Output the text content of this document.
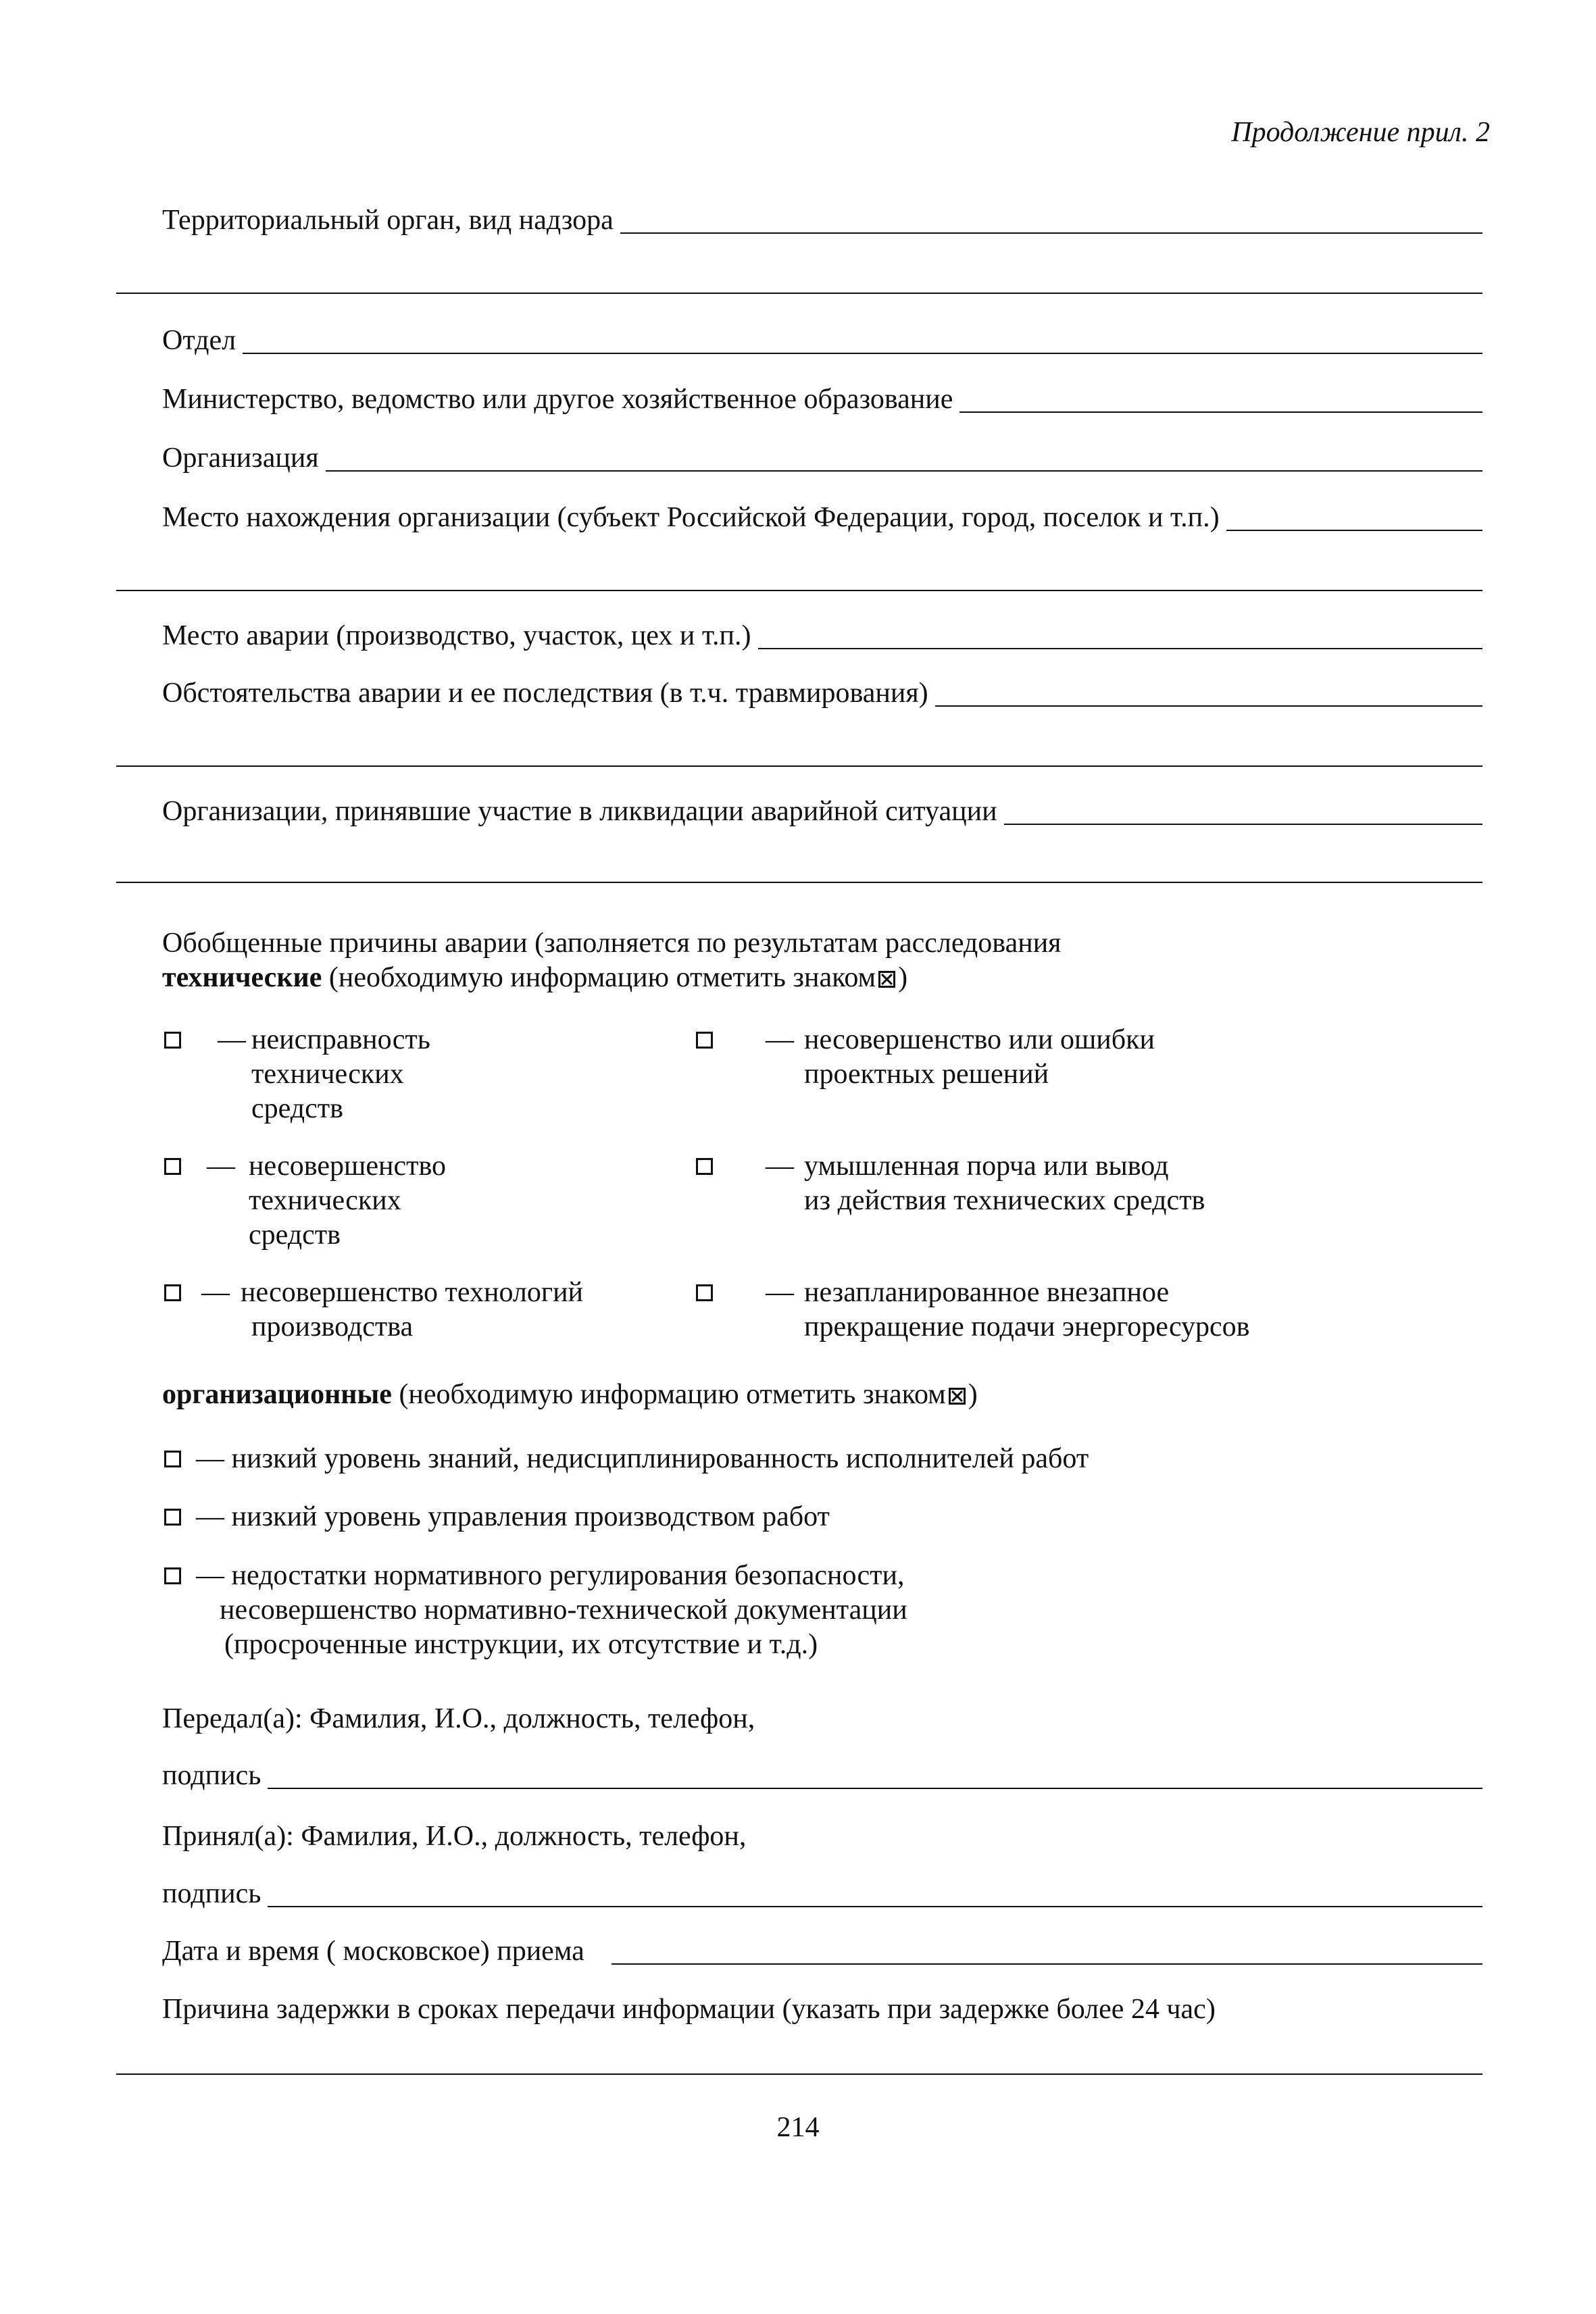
Продолжение прил. 2
Территориальный орган, вид надзора
Отдел
Министерство, ведомство или другое хозяйственное образование
Организация
Место нахождения организации (субъект Российской Федерации, город, поселок и т.п.)
Место аварии (производство, участок, цех и т.п.)
Обстоятельства аварии и ее последствия (в т.ч. травмирования)
Организации, принявшие участие в ликвидации аварийной ситуации
Обобщенные причины аварии (заполняется по результатам расследования
технические (необходимую информацию отметить знаком )
— неисправность
технических
средств
— несовершенство
технических
средств
— несовершенство технологий
производства
— несовершенство или ошибки
проектных решений
— умышленная порча или вывод
из действия технических средств
— незапланированное внезапное
прекращение подачи энергоресурсов
организационные (необходимую информацию отметить знаком )
— низкий уровень знаний, недисциплинированность исполнителей работ
— низкий уровень управления производством работ
— недостатки нормативного регулирования безопасности,
несовершенство нормативно-технической документации
(просроченные инструкции, их отсутствие и т.д.)
Передал(а): Фамилия, И.О., должность, телефон,
подпись
Принял(а): Фамилия, И.О., должность, телефон,
подпись
Дата и время ( московское) приема
Причина задержки в сроках передачи информации (указать при задержке более 24 час)
214
